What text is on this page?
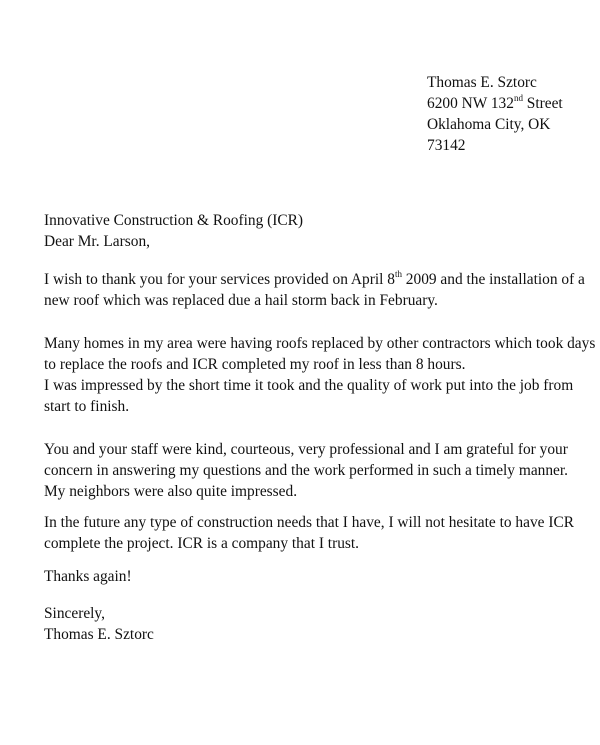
Thomas E. Sztorc
6200 NW 132nd Street
Oklahoma City, OK
73142
Innovative Construction & Roofing (ICR)
Dear Mr. Larson,
I wish to thank you for your services provided on April 8th 2009 and the installation of a
new roof which was replaced due a hail storm back in February.
Many homes in my area were having roofs replaced by other contractors which took days
to replace the roofs and ICR completed my roof in less than 8 hours.
I was impressed by the short time it took and the quality of work put into the job from
start to finish.
You and your staff were kind, courteous, very professional and I am grateful for your
concern in answering my questions and the work performed in such a timely manner.
My neighbors were also quite impressed.
In the future any type of construction needs that I have, I will not hesitate to have ICR
complete the project. ICR is a company that I trust.
Thanks again!
Sincerely,
Thomas E. Sztorc
